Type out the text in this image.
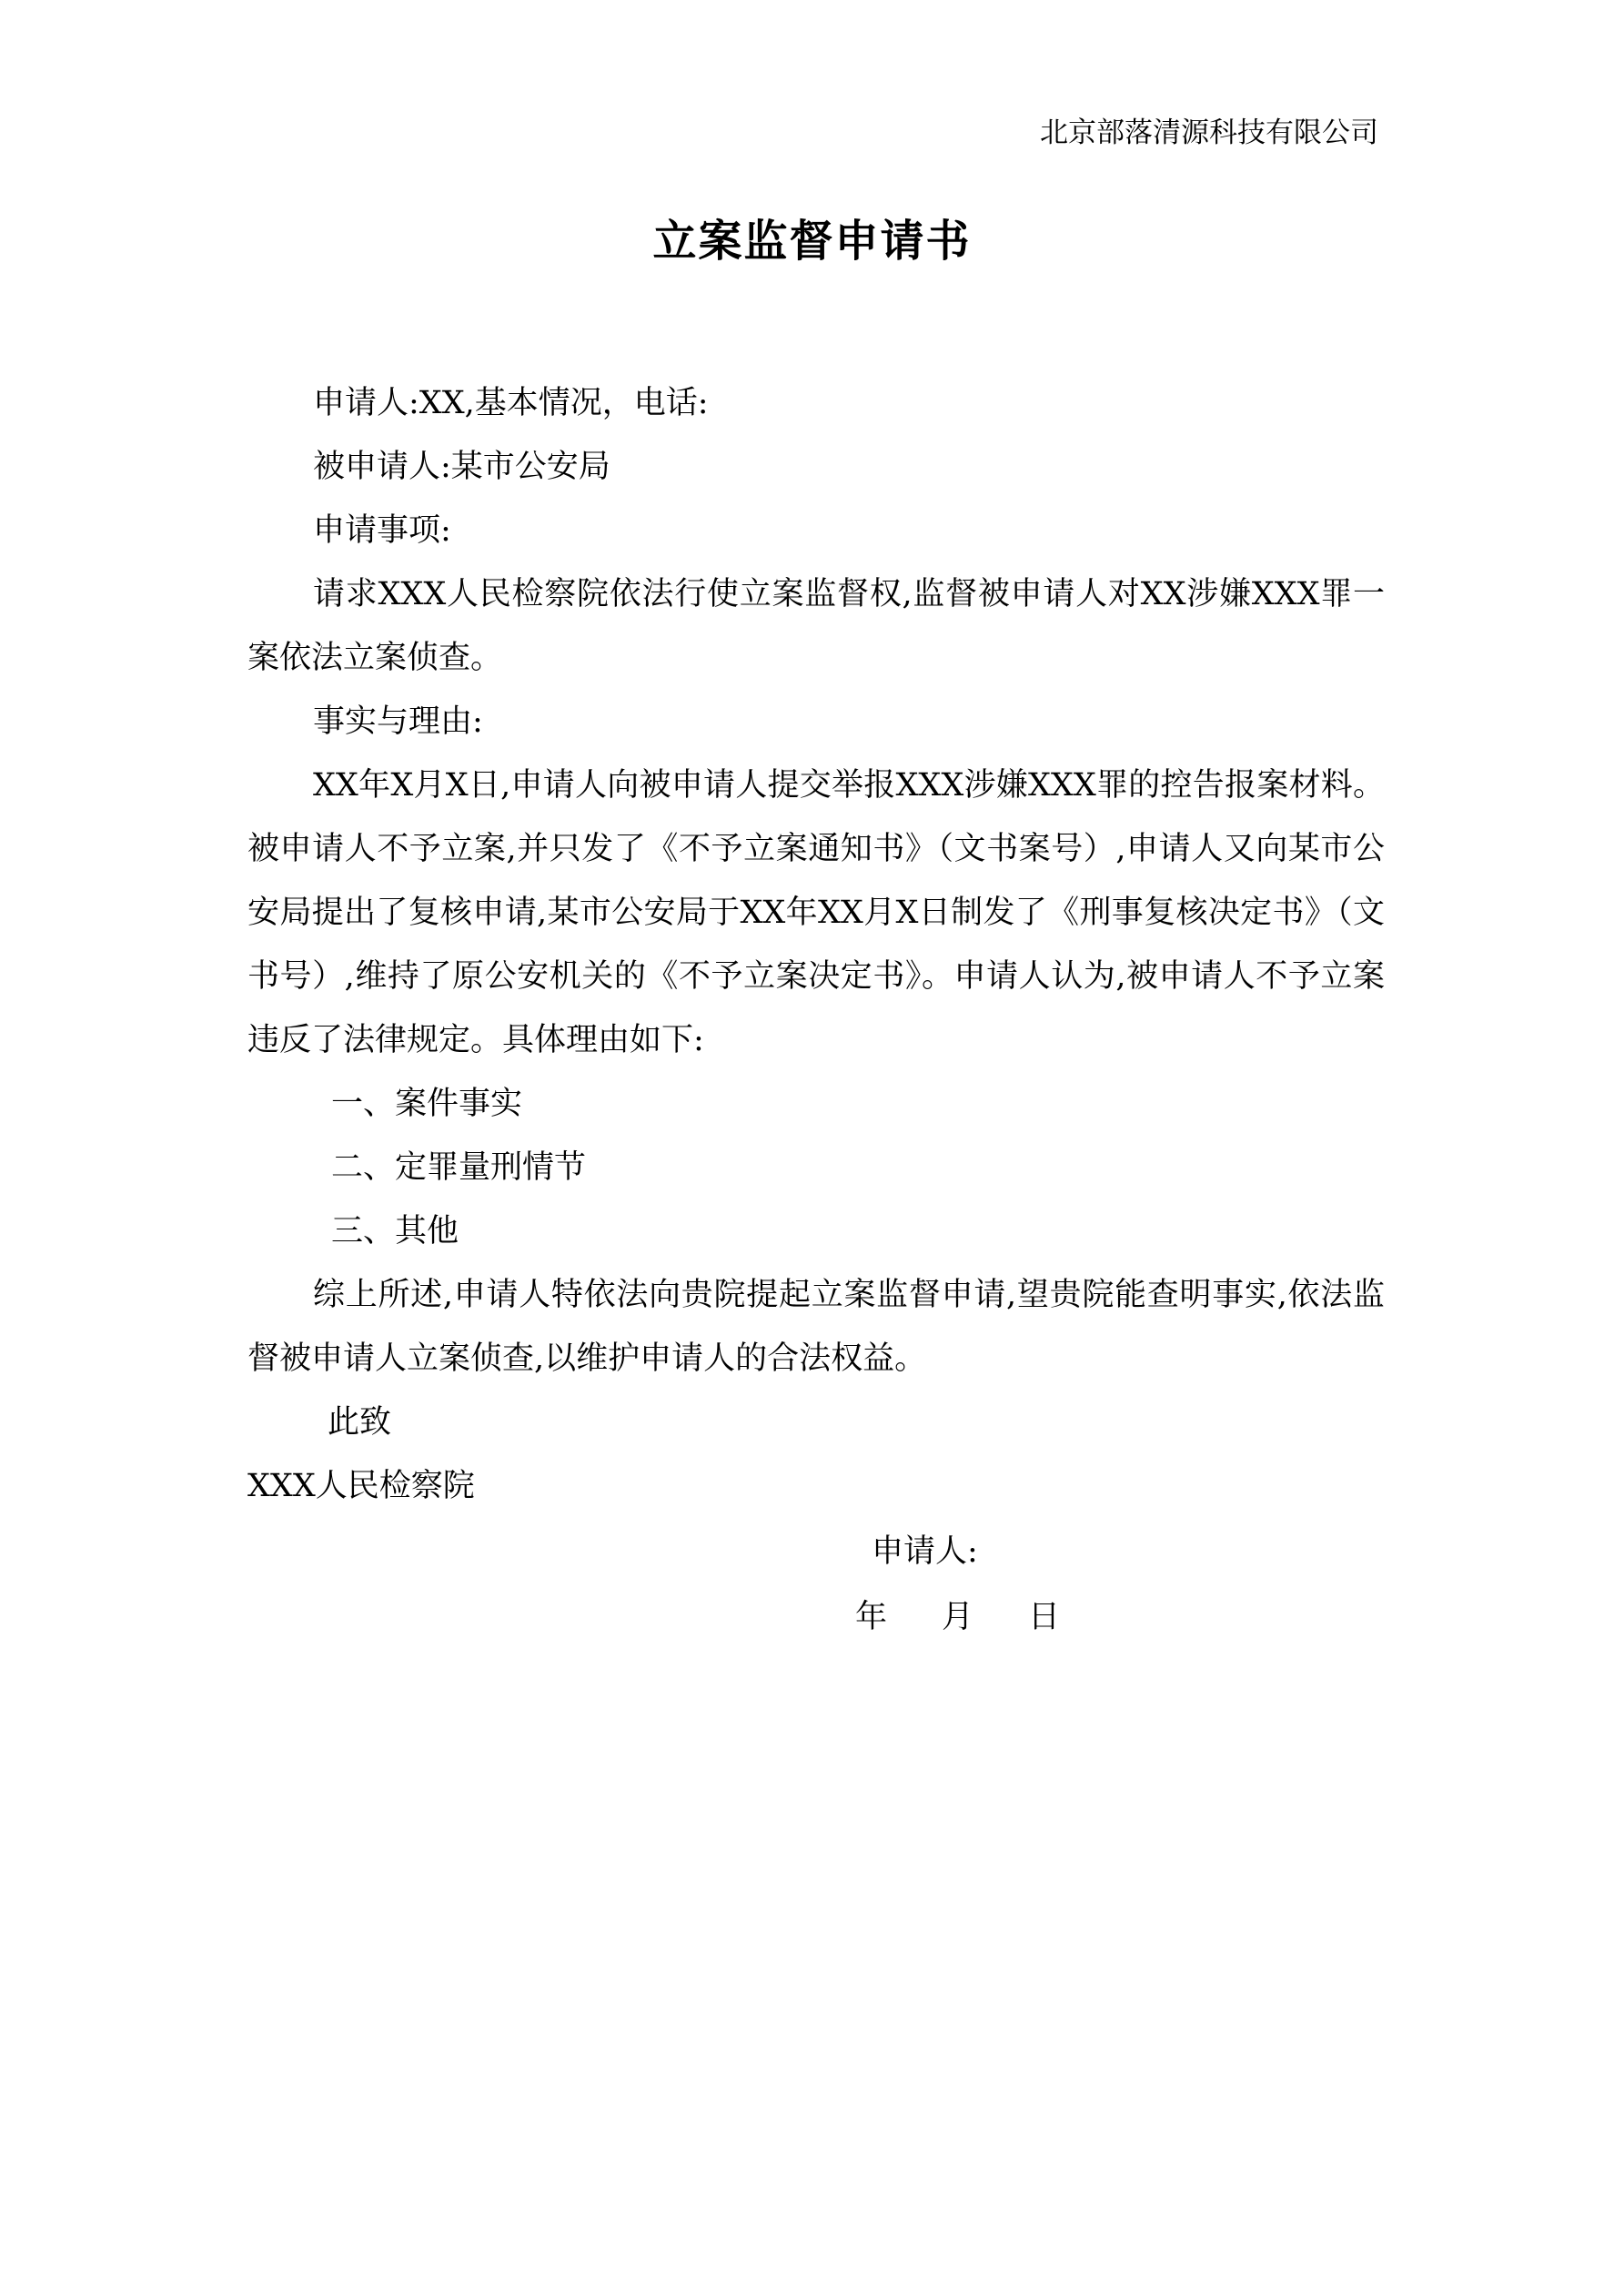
北京部落清源科技有限公司
立案监督申请书

申请人:XX,基本情况，电话:

被申请人:某市公安局

申请事项:

请求XXX人民检察院依法行使立案监督权,监督被申请人对XX涉嫌XXX罪一案依法立案侦查。

事实与理由:

XX年X月X日,申请人向被申请人提交举报XXX涉嫌XXX罪的控告报案材料。被申请人不予立案,并只发了《不予立案通知书》（文书案号）,申请人又向某市公安局提出了复核申请,某市公安局于XX年XX月X日制发了《刑事复核决定书》（文书号）,维持了原公安机关的《不予立案决定书》。申请人认为,被申请人不予立案违反了法律规定。具体理由如下:

一、案件事实

二、定罪量刑情节

三、其他

综上所述,申请人特依法向贵院提起立案监督申请,望贵院能查明事实,依法监督被申请人立案侦查,以维护申请人的合法权益。

此致

XXX人民检察院

申请人:
年 月 日
